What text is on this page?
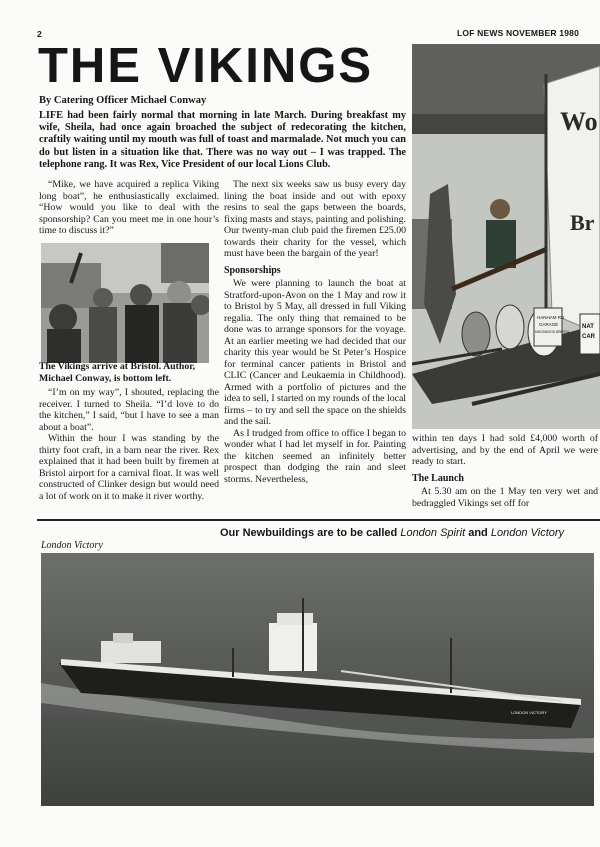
2	LOF NEWS NOVEMBER 1980
THE VIKINGS
By Catering Officer Michael Conway
LIFE had been fairly normal that morning in late March. During breakfast my wife, Sheila, had once again broached the subject of redecorating the kitchen, craftily waiting until my mouth was full of toast and marmalade. Not much you can do but listen in a situation like that. There was no way out – I was trapped. The telephone rang. It was Rex, Vice President of our local Lions Club.

“Mike, we have acquired a replica Viking long boat”, he enthusiastically exclaimed. “How would you like to deal with the sponsorship? Can you meet me in one hour’s time to discuss it?”

The Vikings arrive at Bristol. Author, Michael Conway, is bottom left.

“I’m on my way”, I shouted, replacing the receiver. I turned to Sheila. “I’d love to do the kitchen,” I said, “but I have to see a man about a boat”.

Within the hour I was standing by the thirty foot craft, in a barn near the river. Rex explained that it had been built by firemen at Bristol airport for a carnival float. It was well constructed of Clinker design but would need a lot of work on it to make it river worthy.

The next six weeks saw us busy every day lining the boat inside and out with epoxy resins to seal the gaps between the boards, fixing masts and stays, painting and polishing. Our twenty-man club paid the firemen £25.00 towards their charity for the vessel, which must have been the bargain of the year!

Sponsorships

We were planning to launch the boat at Stratford-upon-Avon on the 1 May and row it to Bristol by 5 May, all dressed in full Viking regalia. The only thing that remained to be done was to arrange sponsors for the voyage. At an earlier meeting we had decided that our charity this year would be St Peter’s Hospice for terminal cancer patients in Bristol and CLIC (Cancer and Leukaemia in Childhood). Armed with a portfolio of pictures and the idea to sell, I started on my rounds of the local firms – to try and sell the space on the shields and the sail.

As I trudged from office to office I began to wonder what I had let myself in for. Painting the kitchen seemed an infinitely better prospect than dodging the rain and sleet storms. Nevertheless,

Wo
Br
HANHAM RD
GARAGE
KINGSWOOD BRISTOL
NAT
CAR

within ten days I had sold £4,000 worth of advertising, and by the end of April we were ready to start.

The Launch

At 5.30 am on the 1 May ten very wet and bedraggled Vikings set off for

London Victory
Our Newbuildings are to be called London Spirit and London Victory
LONDON VICTORY
